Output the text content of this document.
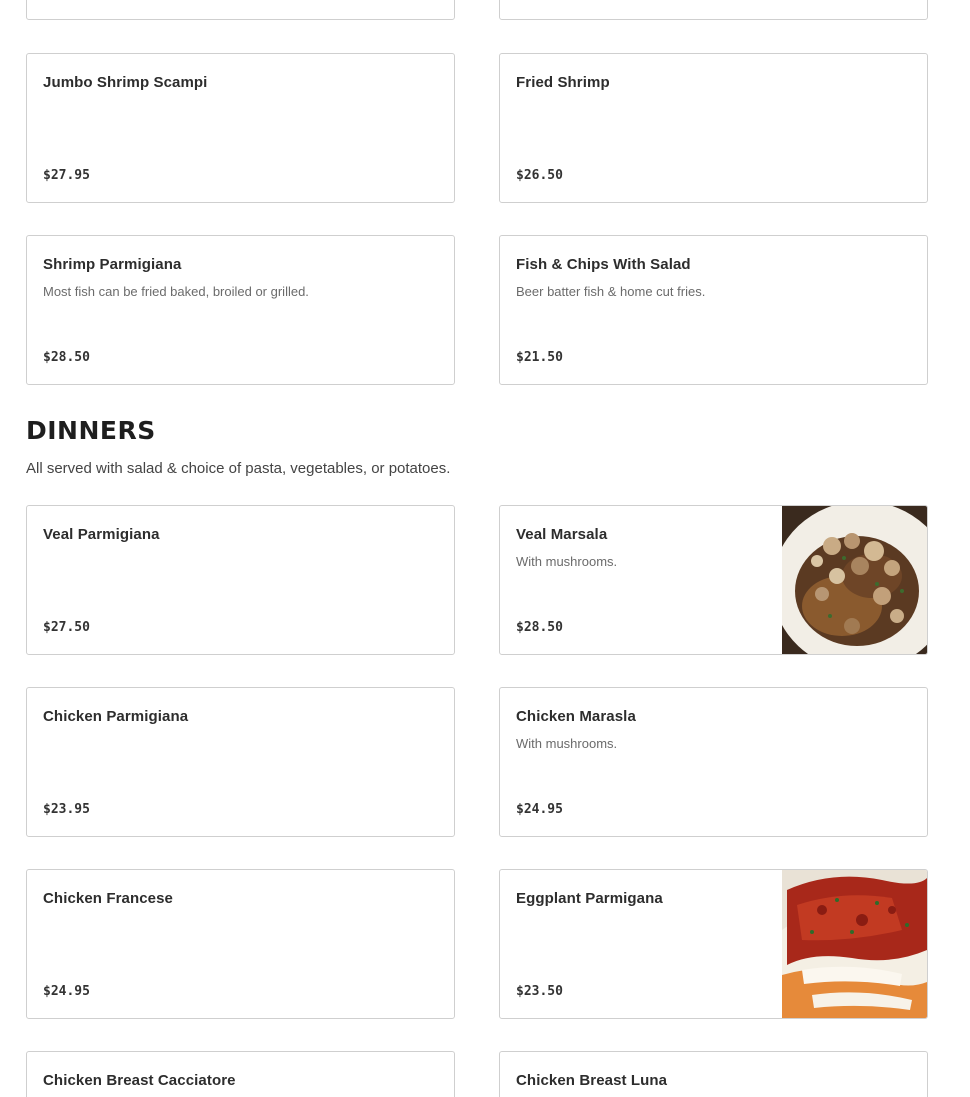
Jumbo Shrimp Scampi
$27.95
Fried Shrimp
$26.50
Shrimp Parmigiana
Most fish can be fried baked, broiled or grilled.
$28.50
Fish & Chips With Salad
Beer batter fish & home cut fries.
$21.50
DINNERS

All served with salad & choice of pasta, vegetables, or potatoes.

Veal Parmigiana
$27.50
Veal Marsala
With mushrooms.
$28.50
Chicken Parmigiana
$23.95
Chicken Marasla
With mushrooms.
$24.95
Chicken Francese
$24.95
Eggplant Parmigana
$23.50
Chicken Breast Cacciatore	Chicken Breast Luna
